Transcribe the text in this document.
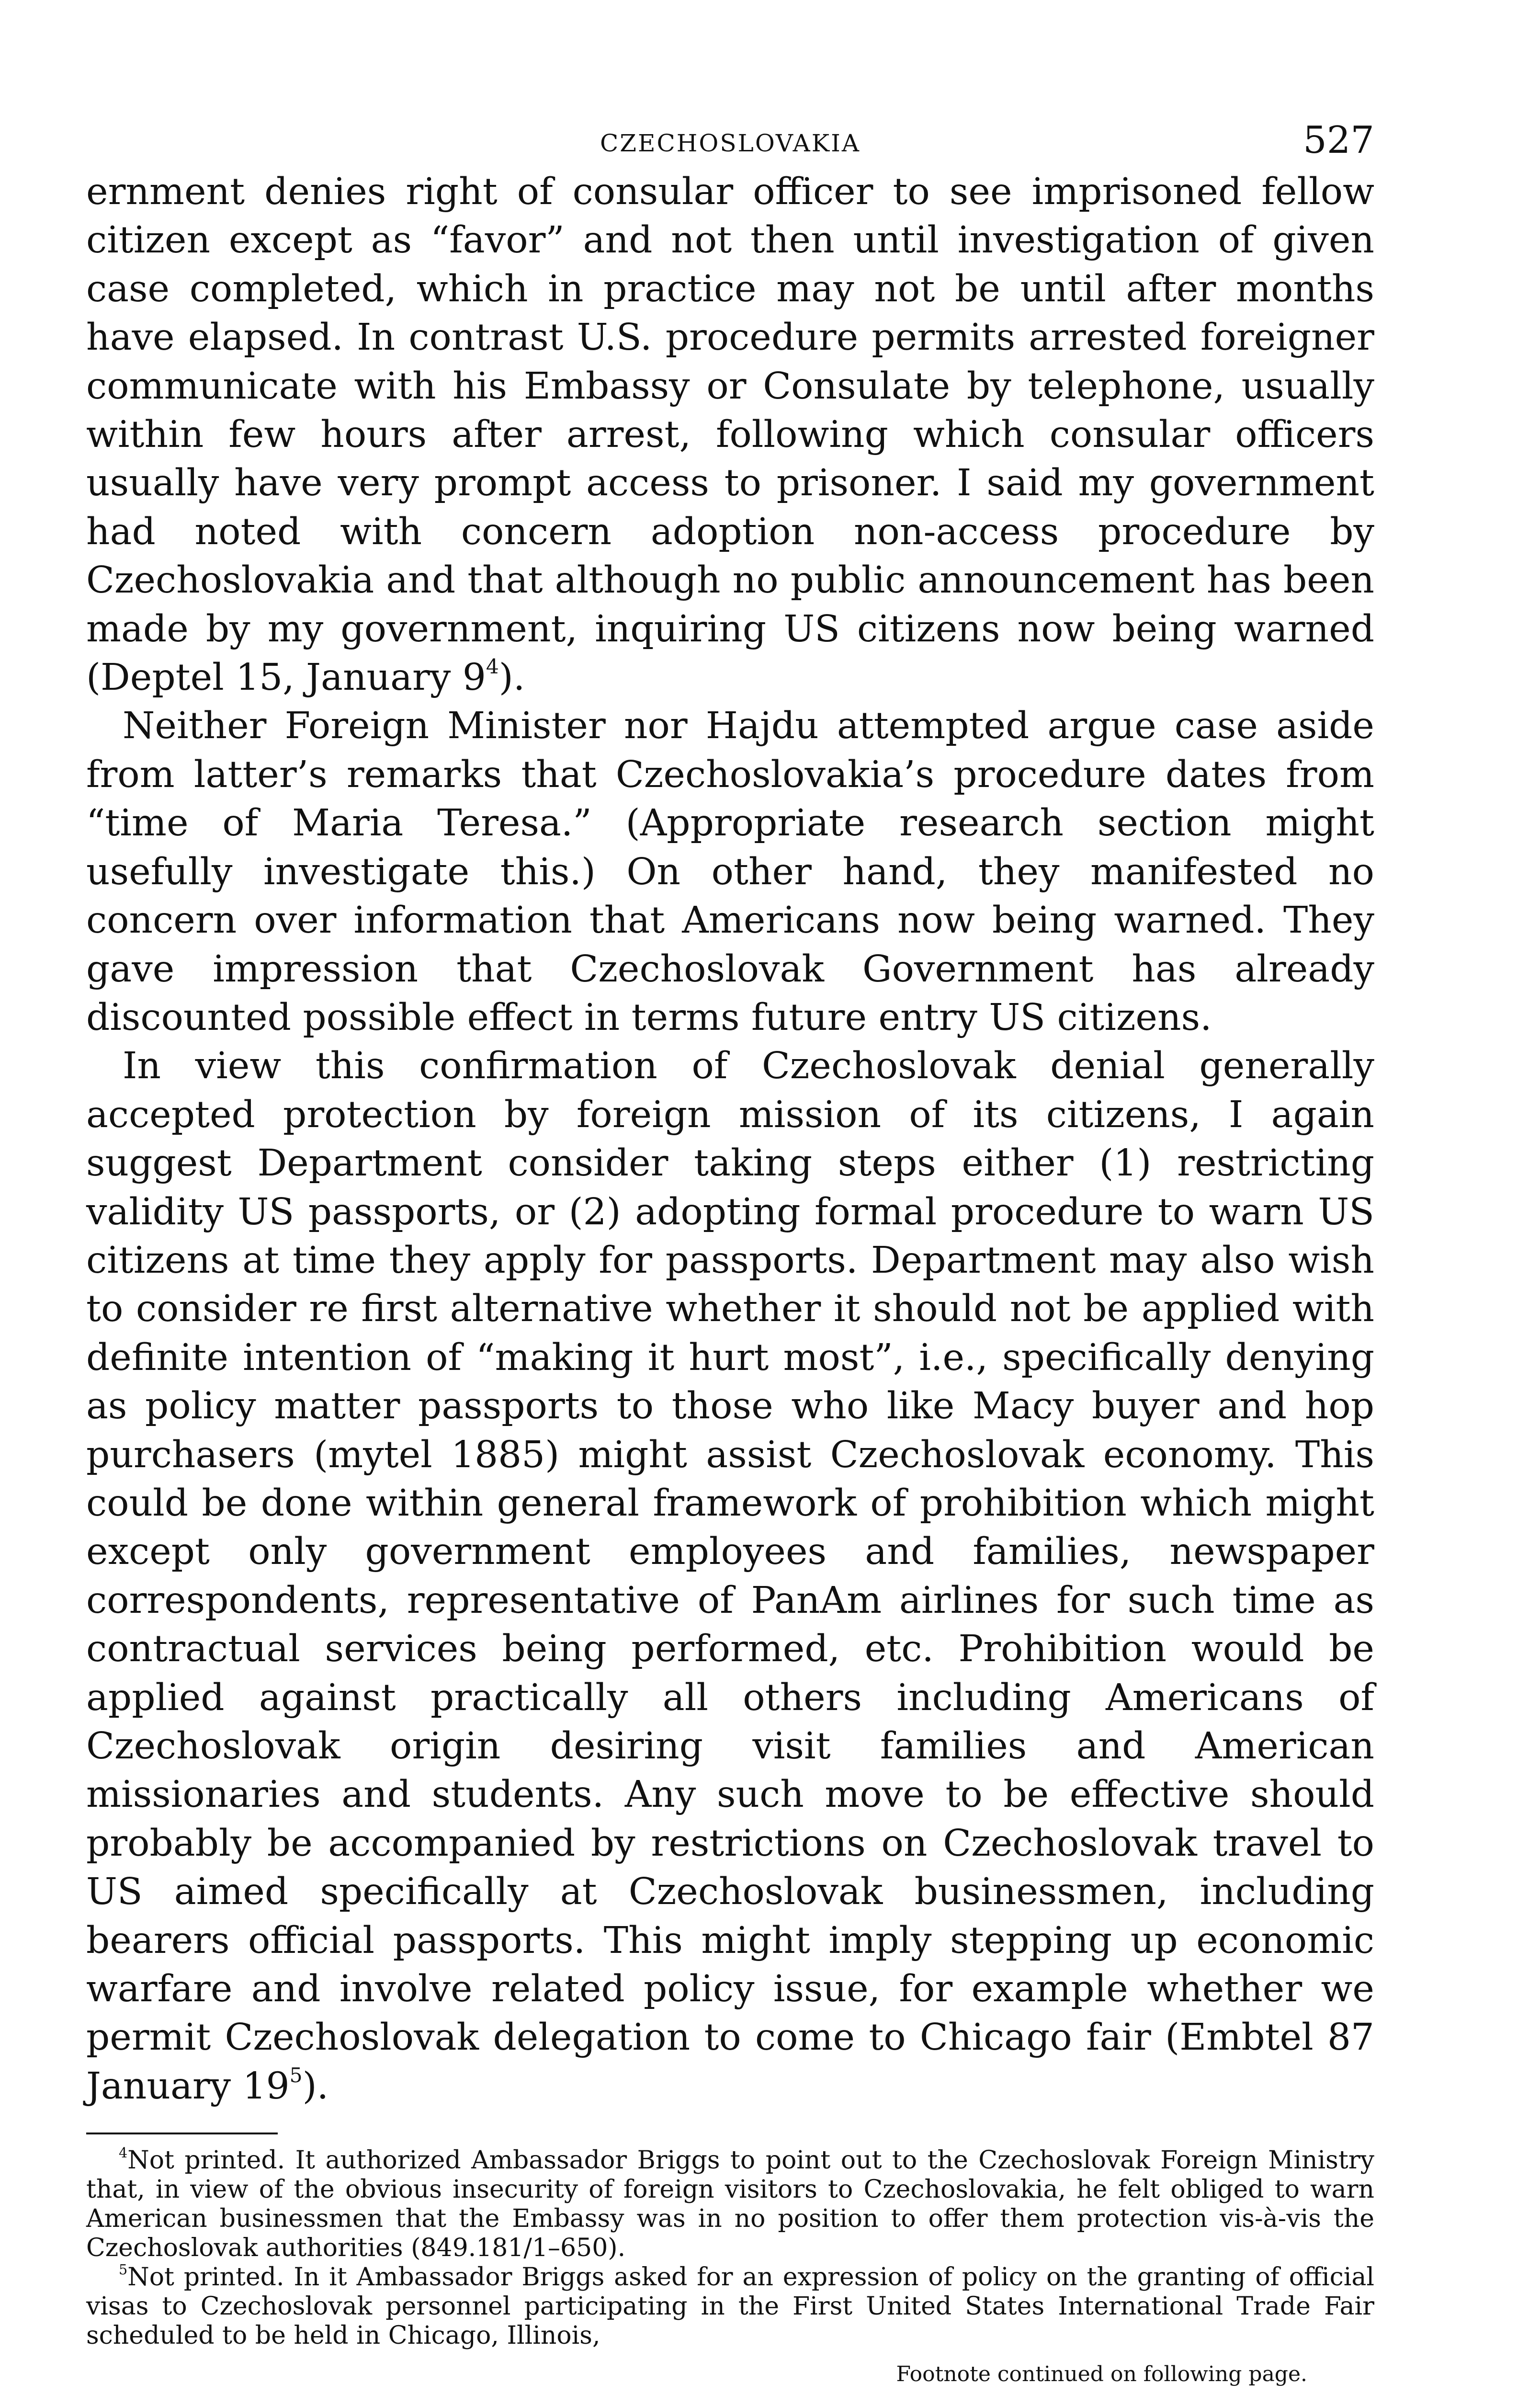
CZECHOSLOVAKIA	527

ernment denies right of consular officer to see imprisoned fellow citizen except as “favor” and not then until investigation of given case completed, which in practice may not be until after months have elapsed. In contrast U.S. procedure permits arrested foreigner communicate with his Embassy or Consulate by telephone, usually within few hours after arrest, following which consular officers usually have very prompt access to prisoner. I said my government had noted with concern adoption non-access procedure by Czechoslovakia and that although no public announcement has been made by my government, inquiring US citizens now being warned (Deptel 15, January $9^4$).

Neither Foreign Minister nor Hajdu attempted argue case aside from latter’s remarks that Czechoslovakia’s procedure dates from “time of Maria Teresa.” (Appropriate research section might usefully investigate this.) On other hand, they manifested no concern over information that Americans now being warned. They gave impression that Czechoslovak Government has already discounted possible effect in terms future entry US citizens.

In view this confirmation of Czechoslovak denial generally accepted protection by foreign mission of its citizens, I again suggest Department consider taking steps either (1) restricting validity US passports, or (2) adopting formal procedure to warn US citizens at time they apply for passports. Department may also wish to consider re first alternative whether it should not be applied with definite intention of “making it hurt most”, i.e., specifically denying as policy matter passports to those who like Macy buyer and hop purchasers (mytel 1885) might assist Czechoslovak economy. This could be done within general framework of prohibition which might except only government employees and families, newspaper correspondents, representative of PanAm airlines for such time as contractual services being performed, etc. Prohibition would be applied against practically all others including Americans of Czechoslovak origin desiring visit families and American missionaries and students. Any such move to be effective should probably be accompanied by restrictions on Czechoslovak travel to US aimed specifically at Czechoslovak businessmen, including bearers official passports. This might imply stepping up economic warfare and involve related policy issue, for example whether we permit Czechoslovak delegation to come to Chicago fair (Embtel 87 January $19^5$).

$^4$Not printed. It authorized Ambassador Briggs to point out to the Czechoslovak Foreign Ministry that, in view of the obvious insecurity of foreign visitors to Czechoslovakia, he felt obliged to warn American businessmen that the Embassy was in no position to offer them protection vis-à-vis the Czechoslovak authorities (849.181/1–650).

$^5$Not printed. In it Ambassador Briggs asked for an expression of policy on the granting of official visas to Czechoslovak personnel participating in the First United States International Trade Fair scheduled to be held in Chicago, Illinois,

Footnote continued on following page.
